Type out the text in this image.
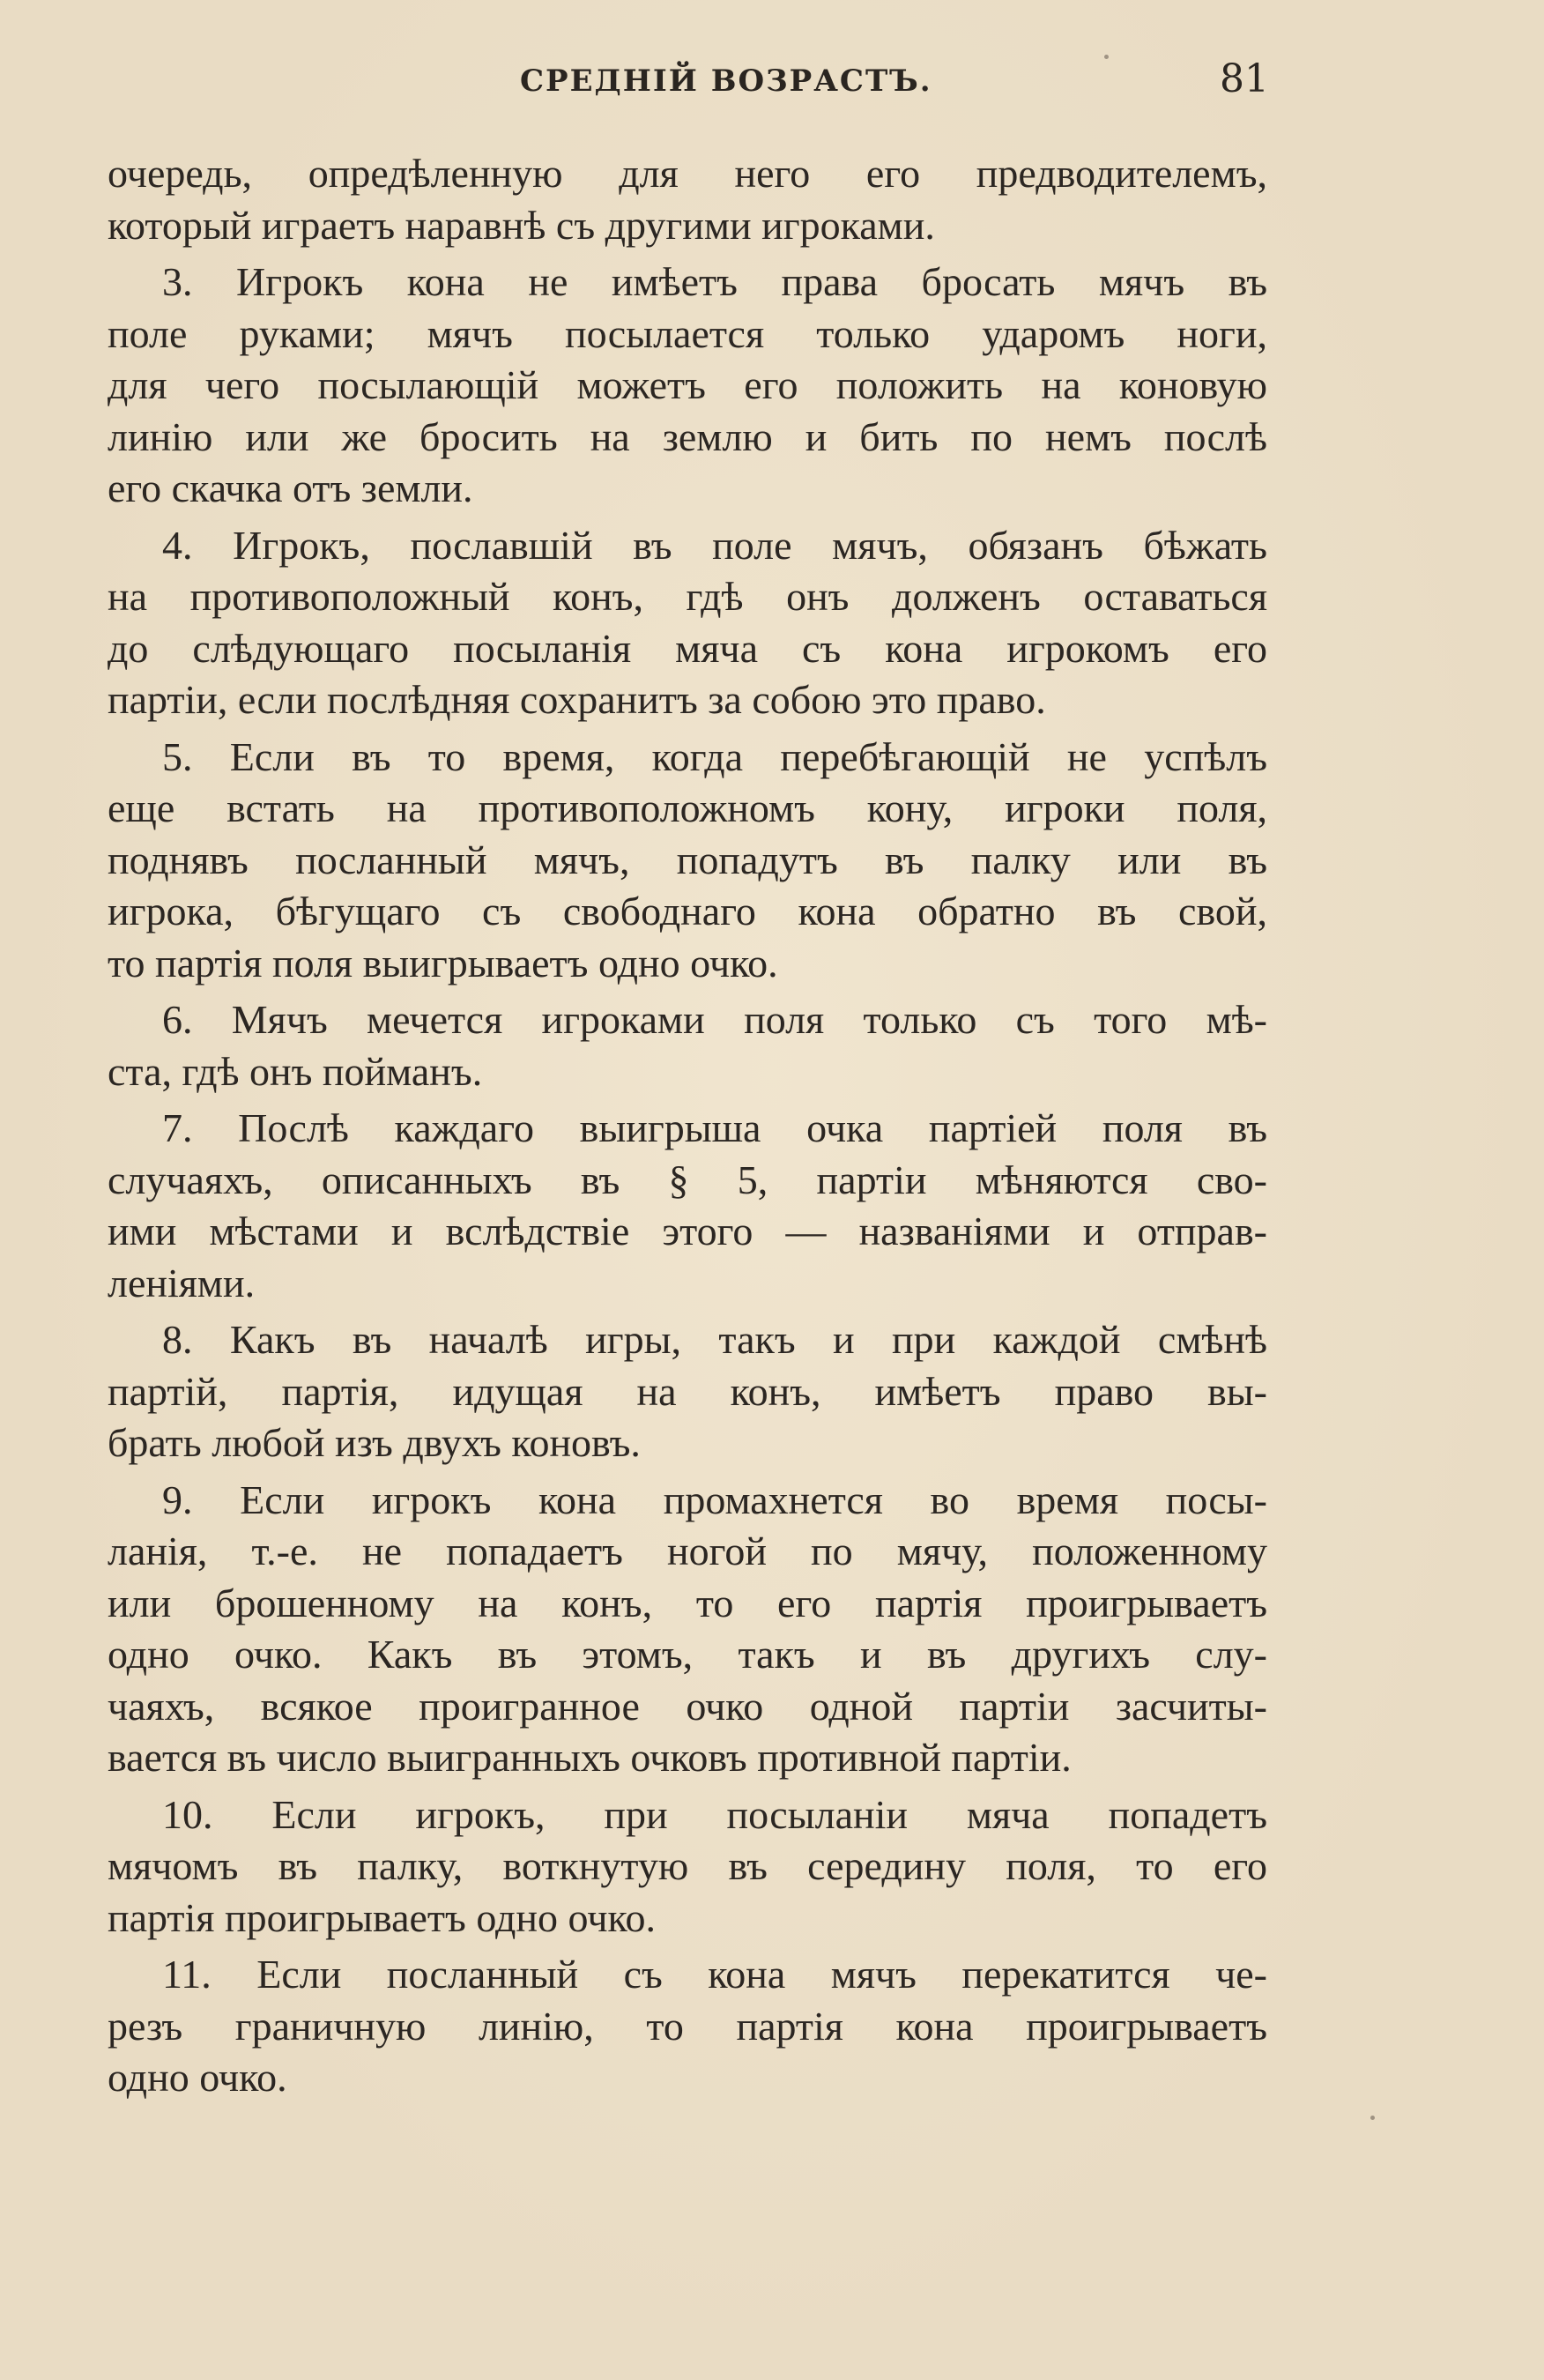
СРЕДНІЙ ВОЗРАСТЪ.	81
очередь, опредѣленную для него его предводителемъ,
который играетъ наравнѣ съ другими игроками.
3. Игрокъ кона не имѣетъ права бросать мячъ въ
поле руками; мячъ посылается только ударомъ ноги,
для чего посылающій можетъ его положить на коновую
линію или же бросить на землю и бить по немъ послѣ
его скачка отъ земли.
4. Игрокъ, пославшій въ поле мячъ, обязанъ бѣжать
на противоположный конъ, гдѣ онъ долженъ оставаться
до слѣдующаго посыланія мяча съ кона игрокомъ его
партіи, если послѣдняя сохранитъ за собою это право.
5. Если въ то время, когда перебѣгающій не успѣлъ
еще встать на противоположномъ кону, игроки поля,
поднявъ посланный мячъ, попадутъ въ палку или въ
игрока, бѣгущаго съ свободнаго кона обратно въ свой,
то партія поля выигрываетъ одно очко.
6. Мячъ мечется игроками поля только съ того мѣ-
ста, гдѣ онъ пойманъ.
7. Послѣ каждаго выигрыша очка партіей поля въ
случаяхъ, описанныхъ въ § 5, партіи мѣняются сво-
ими мѣстами и вслѣдствіе этого — названіями и отправ-
леніями.
8. Какъ въ началѣ игры, такъ и при каждой смѣнѣ
партій, партія, идущая на конъ, имѣетъ право вы-
брать любой изъ двухъ коновъ.
9. Если игрокъ кона промахнется во время посы-
ланія, т.-е. не попадаетъ ногой по мячу, положенному
или брошенному на конъ, то его партія проигрываетъ
одно очко. Какъ въ этомъ, такъ и въ другихъ слу-
чаяхъ, всякое проигранное очко одной партіи засчиты-
вается въ число выигранныхъ очковъ противной партіи.
10. Если игрокъ, при посыланіи мяча попадетъ
мячомъ въ палку, воткнутую въ середину поля, то его
партія проигрываетъ одно очко.
11. Если посланный съ кона мячъ перекатится че-
резъ граничную линію, то партія кона проигрываетъ
одно очко.
